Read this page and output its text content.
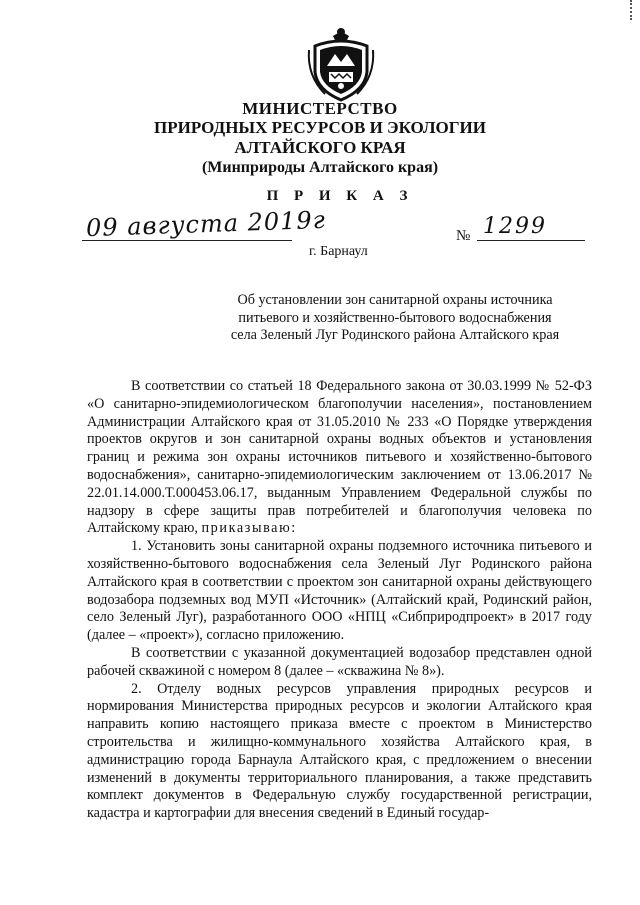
МИНИСТЕРСТВО
ПРИРОДНЫХ РЕСУРСОВ И ЭКОЛОГИИ
АЛТАЙСКОГО КРАЯ
(Минприроды Алтайского края)
П Р И К А З
09 августа 2019г	№ 1299
г. Барнаул
Об установлении зон санитарной охраны источника
питьевого и хозяйственно-бытового водоснабжения
села Зеленый Луг Родинского района Алтайского края

В соответствии со статьей 18 Федерального закона от 30.03.1999 № 52-ФЗ «О санитарно-эпидемиологическом благополучии населения», постановлением Администрации Алтайского края от 31.05.2010 № 233 «О Порядке утверждения проектов округов и зон санитарной охраны водных объектов и установления границ и режима зон охраны источников питьевого и хозяйственно-бытового водоснабжения», санитарно-эпидемиологическим заключением от 13.06.2017 № 22.01.14.000.Т.000453.06.17, выданным Управлением Федеральной службы по надзору в сфере защиты прав потребителей и благополучия человека по Алтайскому краю, приказываю:

1. Установить зоны санитарной охраны подземного источника питьевого и хозяйственно-бытового водоснабжения села Зеленый Луг Родинского района Алтайского края в соответствии с проектом зон санитарной охраны действующего водозабора подземных вод МУП «Источник» (Алтайский край, Родинский район, село Зеленый Луг), разработанного ООО «НПЦ «Сибприродпроект» в 2017 году (далее – «проект»), согласно приложению.

В соответствии с указанной документацией водозабор представлен одной рабочей скважиной с номером 8 (далее – «скважина № 8»).

2. Отделу водных ресурсов управления природных ресурсов и нормирования Министерства природных ресурсов и экологии Алтайского края направить копию настоящего приказа вместе с проектом в Министерство строительства и жилищно-коммунального хозяйства Алтайского края, в администрацию города Барнаула Алтайского края, с предложением о внесении изменений в документы территориального планирования, а также представить комплект документов в Федеральную службу государственной регистрации, кадастра и картографии для внесения сведений в Единый государ-
